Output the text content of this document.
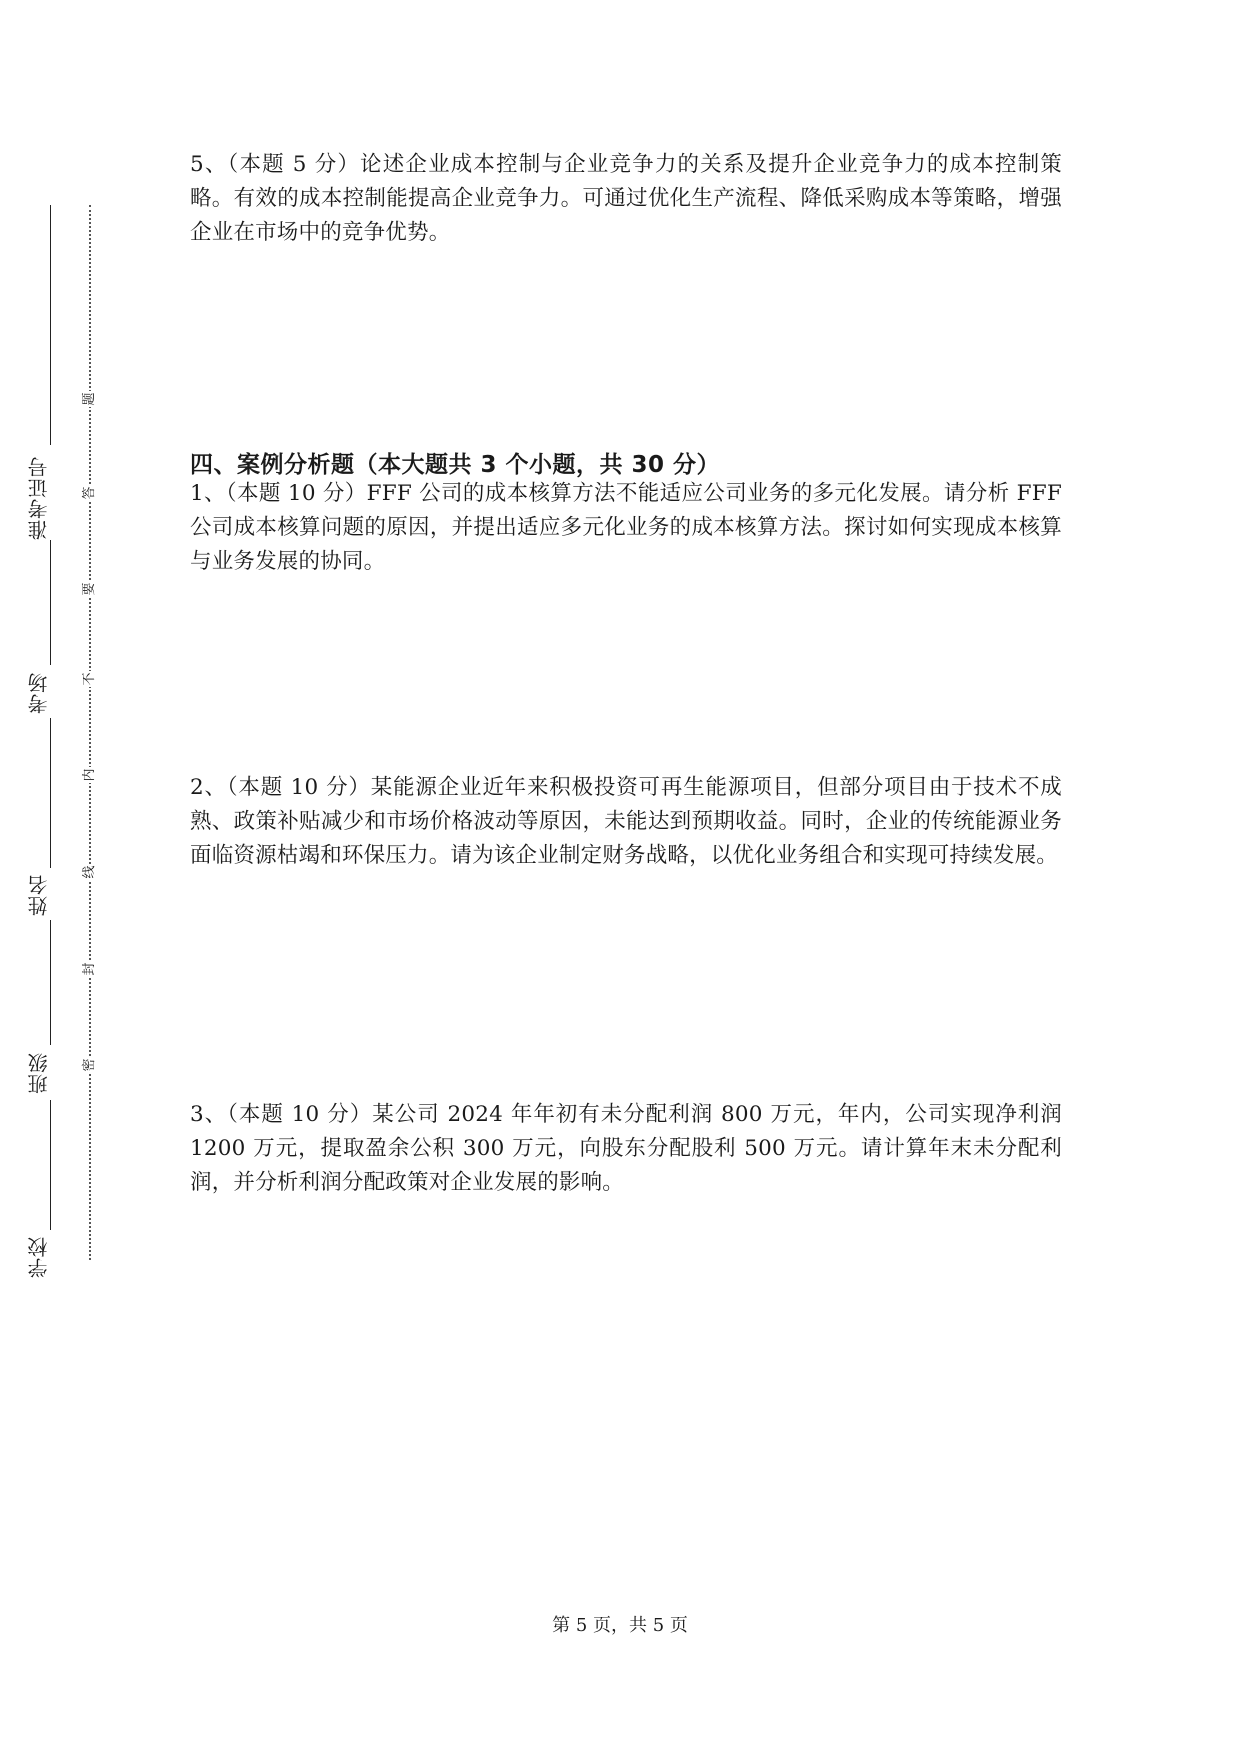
准考证号
考场
姓名
班级
学校
题
答
要
不
内
线
封
密

5、（本题 5 分）论述企业成本控制与企业竞争力的关系及提升企业竞争力的成本控制策略。有效的成本控制能提高企业竞争力。可通过优化生产流程、降低采购成本等策略，增强企业在市场中的竞争优势。

四、案例分析题（本大题共 3 个小题，共 30 分）

1、（本题 10 分）FFF 公司的成本核算方法不能适应公司业务的多元化发展。请分析 FFF 公司成本核算问题的原因，并提出适应多元化业务的成本核算方法。探讨如何实现成本核算与业务发展的协同。

2、（本题 10 分）某能源企业近年来积极投资可再生能源项目，但部分项目由于技术不成熟、政策补贴减少和市场价格波动等原因，未能达到预期收益。同时，企业的传统能源业务面临资源枯竭和环保压力。请为该企业制定财务战略，以优化业务组合和实现可持续发展。

3、（本题 10 分）某公司 2024 年年初有未分配利润 800 万元，年内，公司实现净利润 1200 万元，提取盈余公积 300 万元，向股东分配股利 500 万元。请计算年末未分配利润，并分析利润分配政策对企业发展的影响。

第 5 页，共 5 页
